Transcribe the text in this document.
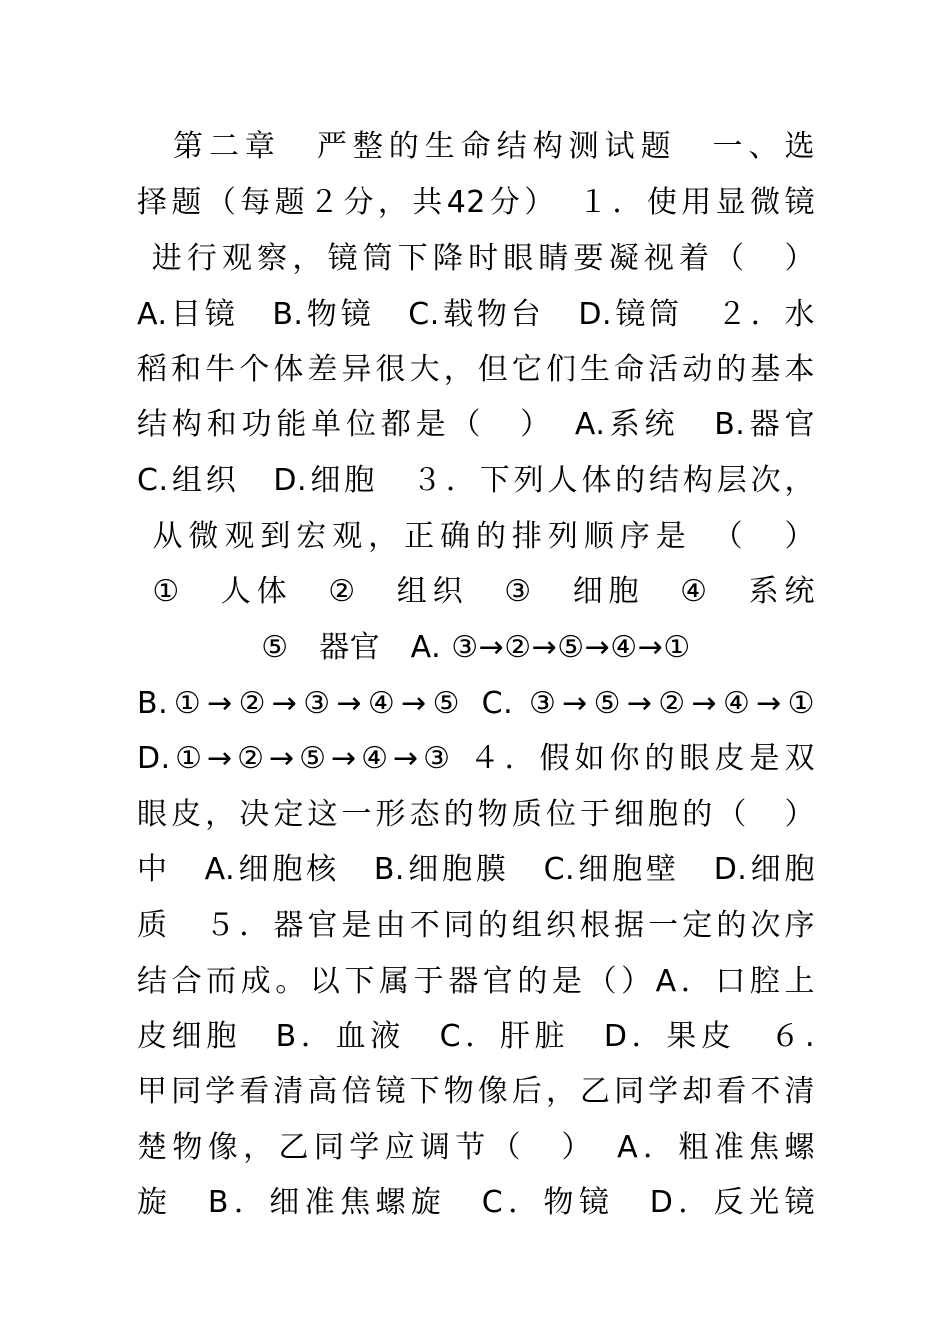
　第二章　严整的生命结构测试题　一、选
择题（每题２分，共42分）　１．使用显微镜
进行观察，镜筒下降时眼睛要凝视着（　）
A.目镜　B.物镜　C.载物台　D.镜筒　２．水
稻和牛个体差异很大，但它们生命活动的基本
结构和功能单位都是（　）　A.系统　B.器官
C.组织　D.细胞　３．下列人体的结构层次，
从微观到宏观，正确的排列顺序是　（　）
①　人体　②　组织　③　细胞　④　系统
⑤　器官　A. ③→②→⑤→④→①
B.①→②→③→④→⑤ C. ③→⑤→②→④→①
D.①→②→⑤→④→③ ４．假如你的眼皮是双
眼皮，决定这一形态的物质位于细胞的（　）
中　A.细胞核　B.细胞膜　C.细胞壁　D.细胞
质　５．器官是由不同的组织根据一定的次序
结合而成。以下属于器官的是（）A．口腔上
皮细胞　B．血液　C．肝脏　D．果皮　６.
甲同学看清高倍镜下物像后，乙同学却看不清
楚物像，乙同学应调节（　）　A．粗准焦螺
旋　B．细准焦螺旋　C．物镜　D．反光镜
